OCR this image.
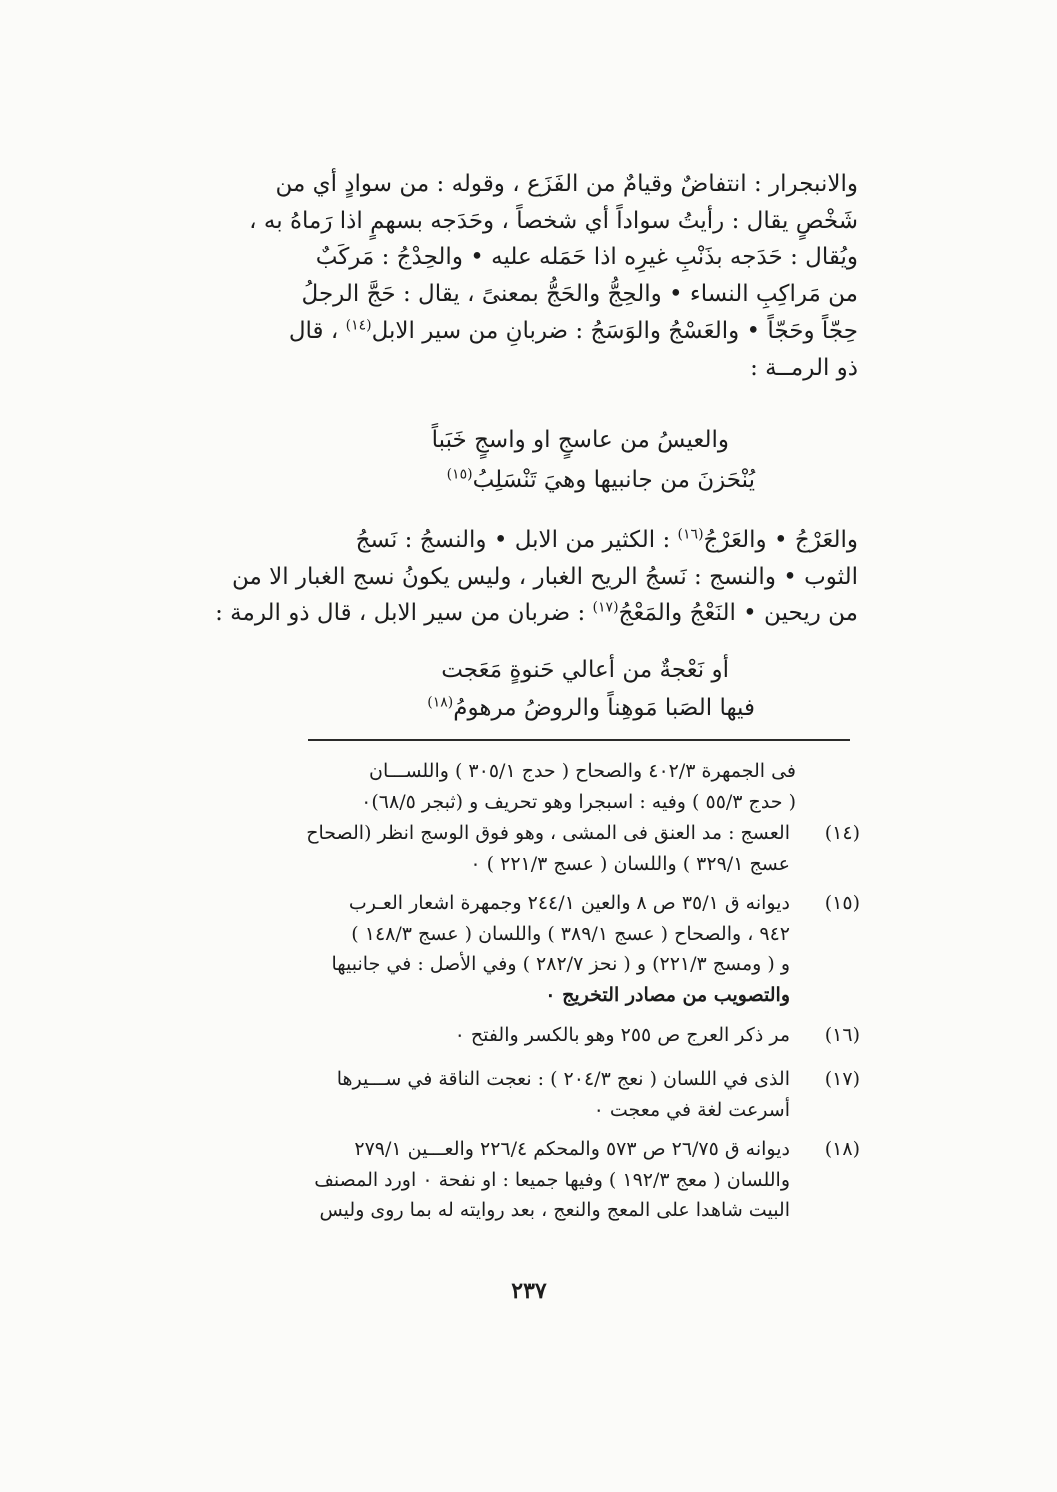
والانبجرار : انتفاضٌ وقيامٌ من الفَزَع ، وقوله : من سوادٍ أي من

شَخْصٍ يقال : رأيتُ سواداً أي شخصاً ، وحَدَجه بسهمٍ اذا رَماهُ به ،

ويُقال : حَدَجه بذَنْبِ غيرِه اذا حَمَله عليه • والحِدْجُ : مَركَبٌ

من مَراكِبِ النساء • والحِجُّ والحَجُّ بمعنىً ، يقال : حَجَّ الرجلُ

حِجّاً وحَجّاً • والعَسْجُ والوَسَجُ : ضربانِ من سير الابل$^{(١٤)}$ ، قال

ذو الرمــة :

والعيسُ من عاسجٍ او واسجٍ خَبَباً
يُنْحَزنَ من جانبيها وهيَ تَنْسَلِبُ$^{(١٥)}$

والعَرْجُ • والعَرْجُ$^{(١٦)}$ : الكثير من الابل • والنسجُ : نَسجُ

الثوب • والنسج : نَسجُ الريح الغبار ، وليس يكونُ نسج الغبار الا من

من ريحين • النَعْجُ والمَعْجُ$^{(١٧)}$ : ضربان من سير الابل ، قال ذو الرمة :

أو نَعْجةٌ من أعالي حَنوةٍ مَعَجت
فيها الصَبا مَوهِناً والروضُ مرهومُ$^{(١٨)}$
فى الجمهرة ٤٠٢/٣ والصحاح ( حدج ٣٠٥/١ ) واللســـان
( حدج ٥٥/٣ ) وفيه : اسبجرا وهو تحريف و (ثبجر ٦٨/٥)٠
(١٤)
العسج : مد العنق فى المشى ، وهو فوق الوسج انظر (الصحاح
عسج ٣٢٩/١ ) واللسان ( عسج ٢٢١/٣ ) ٠
(١٥)
ديوانه ق ٣٥/١ ص ٨ والعين ٢٤٤/١ وجمهرة اشعار العـرب
٩٤٢ ، والصحاح ( عسج ٣٨٩/١ ) واللسان ( عسج ١٤٨/٣ )
و ( ومسج ٢٢١/٣) و ( نحز ٢٨٢/٧ ) وفي الأصل : في جانبيها
والتصويب من مصادر التخريج ٠
(١٦)
مر ذكر العرج ص ٢٥٥ وهو بالكسر والفتح ٠
(١٧)
الذى في اللسان ( نعج ٢٠٤/٣ ) : نعجت الناقة في ســـيرها
أسرعت لغة في معجت ٠
(١٨)
ديوانه ق ٢٦/٧٥ ص ٥٧٣ والمحكم ٢٢٦/٤ والعـــين ٢٧٩/١
واللسان ( معج ١٩٢/٣ ) وفيها جميعا : او نفحة ٠ اورد المصنف
البيت شاهدا على المعج والنعج ، بعد روايته له بما روى وليس
٢٣٧
